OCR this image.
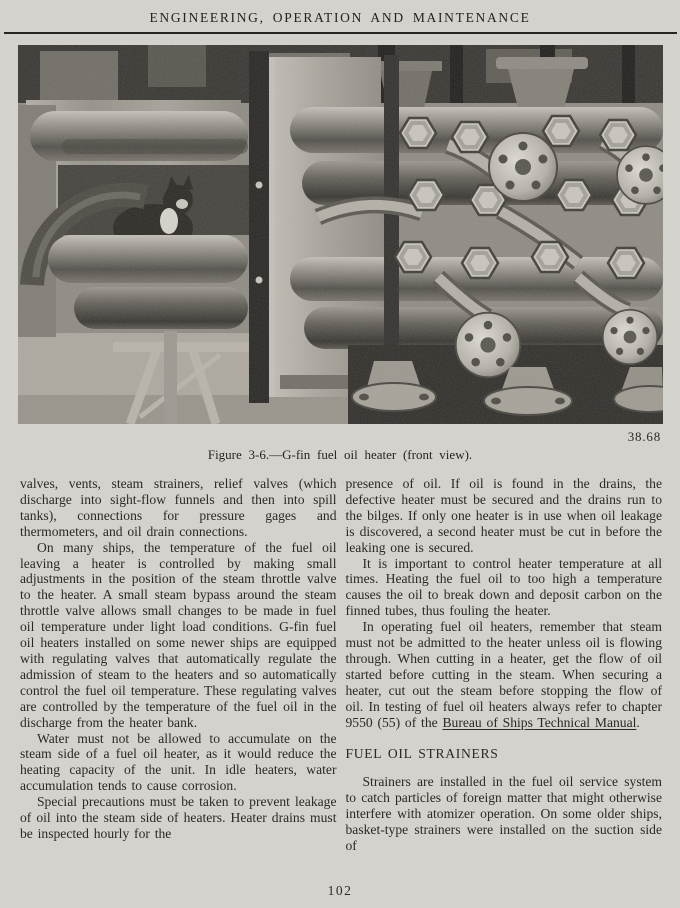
ENGINEERING, OPERATION AND MAINTENANCE
38.68
Figure 3-6.—G-fin fuel oil heater (front view).

valves, vents, steam strainers, relief valves (which discharge into sight-flow funnels and then into spill tanks), connections for pressure gages and thermometers, and oil drain connections.

On many ships, the temperature of the fuel oil leaving a heater is controlled by making small adjustments in the position of the steam throttle valve to the heater. A small steam bypass around the steam throttle valve allows small changes to be made in fuel oil temperature under light load conditions. G-fin fuel oil heaters installed on some newer ships are equipped with regulating valves that automatically regulate the admission of steam to the heaters and so automatically control the fuel oil temperature. These regulating valves are controlled by the temperature of the fuel oil in the discharge from the heater bank.

Water must not be allowed to accumulate on the steam side of a fuel oil heater, as it would reduce the heating capacity of the unit. In idle heaters, water accumulation tends to cause corrosion.

Special precautions must be taken to prevent leakage of oil into the steam side of heaters. Heater drains must be inspected hourly for the

presence of oil. If oil is found in the drains, the defective heater must be secured and the drains run to the bilges. If only one heater is in use when oil leakage is discovered, a second heater must be cut in before the leaking one is secured.

It is important to control heater temperature at all times. Heating the fuel oil to too high a temperature causes the oil to break down and deposit carbon on the finned tubes, thus fouling the heater.

In operating fuel oil heaters, remember that steam must not be admitted to the heater unless oil is flowing through. When cutting in a heater, get the flow of oil started before cutting in the steam. When securing a heater, cut out the steam before stopping the flow of oil. In testing of fuel oil heaters always refer to chapter 9550 (55) of the Bureau of Ships Technical Manual.

FUEL OIL STRAINERS

Strainers are installed in the fuel oil service system to catch particles of foreign matter that might otherwise interfere with atomizer operation. On some older ships, basket-type strainers were installed on the suction side of

102
